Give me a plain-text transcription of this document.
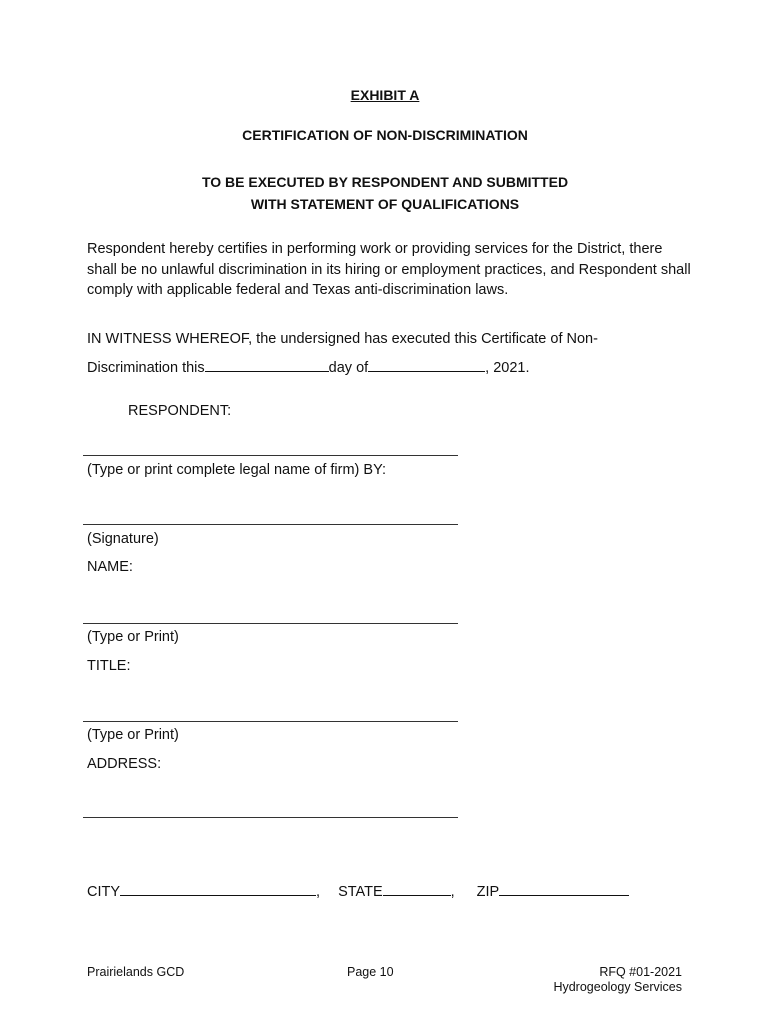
EXHIBIT A
CERTIFICATION OF NON-DISCRIMINATION
TO BE EXECUTED BY RESPONDENT AND SUBMITTED
WITH STATEMENT OF QUALIFICATIONS
Respondent hereby certifies in performing work or providing services for the District, there shall be no unlawful discrimination in its hiring or employment practices, and Respondent shall comply with applicable federal and Texas anti-discrimination laws.
IN WITNESS WHEREOF, the undersigned has executed this Certificate of Non-
Discrimination this	day of	, 2021.
RESPONDENT:
(Type or print complete legal name of firm) BY:
(Signature)
NAME:
(Type or Print)
TITLE:
(Type or Print)
ADDRESS:
CITY	, STATE	, ZIP
Prairielands GCD	Page 10	RFQ #01-2021
Hydrogeology Services
